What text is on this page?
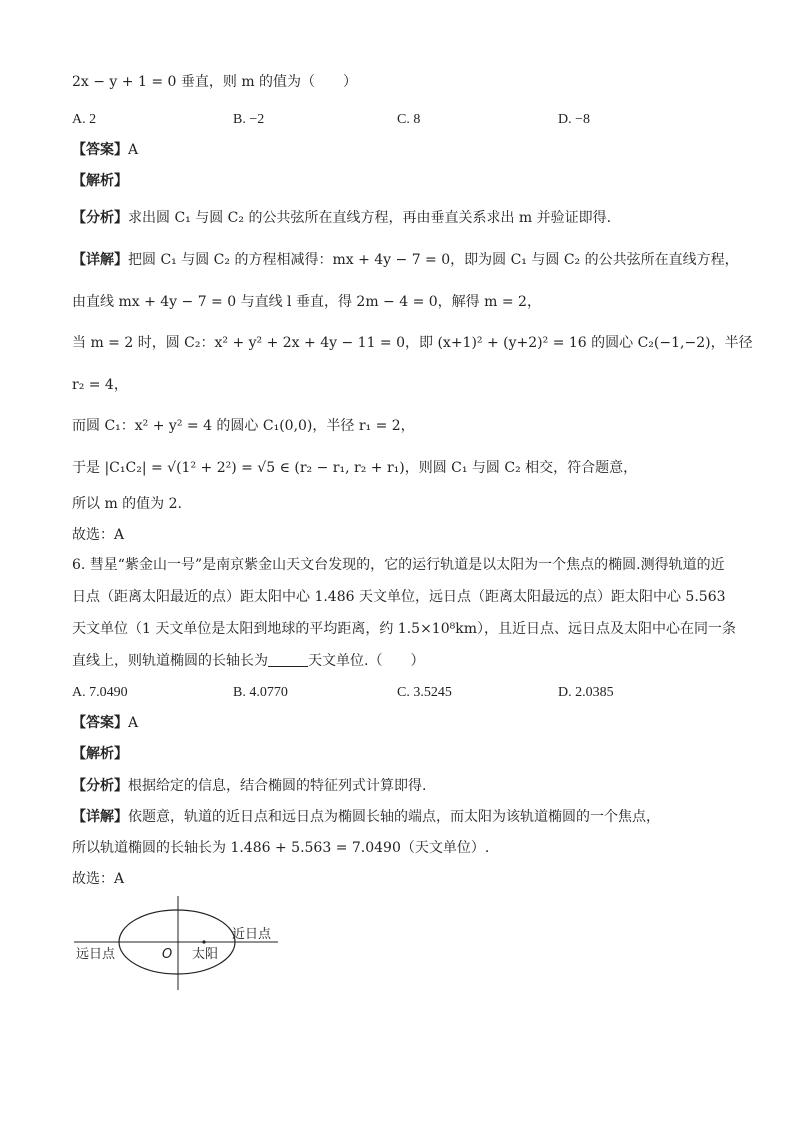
2x − y + 1 = 0 垂直，则 m 的值为（　　）
A. 2	B. −2	C. 8	D. −8
【答案】A
【解析】
【分析】求出圆 C₁ 与圆 C₂ 的公共弦所在直线方程，再由垂直关系求出 m 并验证即得.
【详解】把圆 C₁ 与圆 C₂ 的方程相减得：mx + 4y − 7 = 0，即为圆 C₁ 与圆 C₂ 的公共弦所在直线方程，
由直线 mx + 4y − 7 = 0 与直线 l 垂直，得 2m − 4 = 0，解得 m = 2，
当 m = 2 时，圆 C₂：x² + y² + 2x + 4y − 11 = 0，即 (x+1)² + (y+2)² = 16 的圆心 C₂(−1,−2)，半径
r₂ = 4，
而圆 C₁：x² + y² = 4 的圆心 C₁(0,0)，半径 r₁ = 2，
于是 |C₁C₂| = √(1² + 2²) = √5 ∈ (r₂ − r₁, r₂ + r₁)，则圆 C₁ 与圆 C₂ 相交，符合题意，
所以 m 的值为 2.
故选：A
6. 彗星“紫金山一号”是南京紫金山天文台发现的，它的运行轨道是以太阳为一个焦点的椭圆.测得轨道的近
日点（距离太阳最近的点）距太阳中心 1.486 天文单位，远日点（距离太阳最远的点）距太阳中心 5.563
天文单位（1 天文单位是太阳到地球的平均距离，约 1.5×10⁸km），且近日点、远日点及太阳中心在同一条
直线上，则轨道椭圆的长轴长为	天文单位.（　　）
A. 7.0490	B. 4.0770	C. 3.5245	D. 2.0385
【答案】A
【解析】
【分析】根据给定的信息，结合椭圆的特征列式计算即得.
【详解】依题意，轨道的近日点和远日点为椭圆长轴的端点，而太阳为该轨道椭圆的一个焦点，
所以轨道椭圆的长轴长为 1.486 + 5.563 = 7.0490（天文单位）.
故选：A
近日点
远日点	O 太阳
